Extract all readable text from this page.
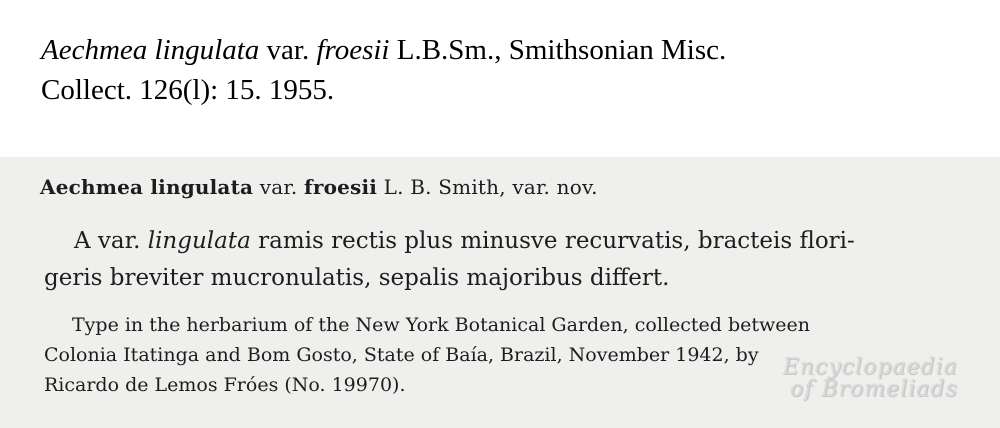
Aechmea lingulata var. froesii L.B.Sm., Smithsonian Misc.
Collect. 126(l): 15. 1955.
Aechmea lingulata var. froesii L. B. Smith, var. nov.
A var. lingulata ramis rectis plus minusve recurvatis, bracteis flori-
geris breviter mucronulatis, sepalis majoribus differt.
Type in the herbarium of the New York Botanical Garden, collected between
Colonia Itatinga and Bom Gosto, State of Baía, Brazil, November 1942, by
Ricardo de Lemos Fróes (No. 19970).
Encyclopaedia
of Bromeliads
